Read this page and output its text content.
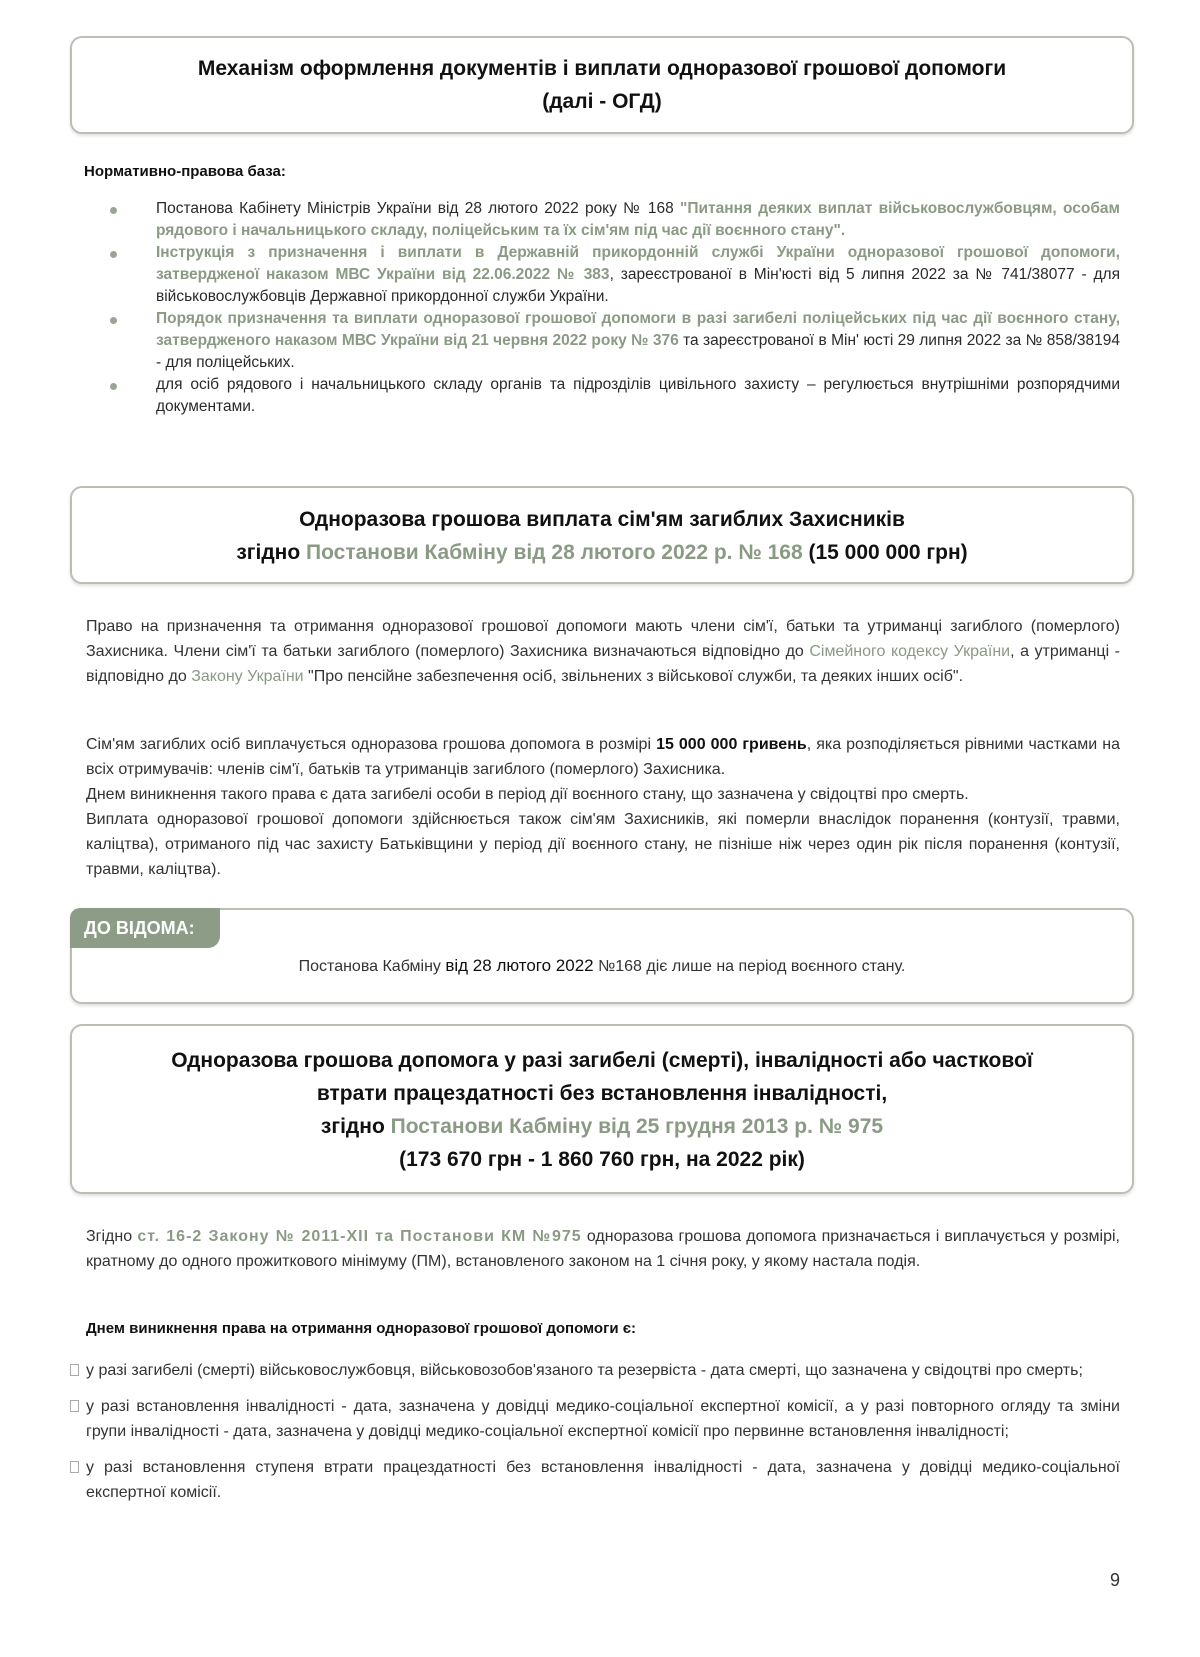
Механізм оформлення документів і виплати одноразової грошової допомоги
(далі - ОГД)
Нормативно-правова база:
Постанова Кабінету Міністрів України від 28 лютого 2022 року № 168 "Питання деяких виплат військовослужбовцям, особам рядового і начальницького складу, поліцейським та їх сім'ям під час дії воєнного стану".
Інструкція з призначення і виплати в Державній прикордонній службі України одноразової грошової допомоги, затвердженої наказом МВС України від 22.06.2022 № 383, зареєстрованої в Мін'юсті від 5 липня 2022 за № 741/38077 - для військовослужбовців Державної прикордонної служби України.
Порядок призначення та виплати одноразової грошової допомоги в разі загибелі поліцейських під час дії воєнного стану, затвердженого наказом МВС України від 21 червня 2022 року № 376 та зареєстрованої в Мін' юсті 29 липня 2022 за № 858/38194 - для поліцейських.
для осіб рядового і начальницького складу органів та підрозділів цивільного захисту – регулюється внутрішніми розпорядчими документами.
Одноразова грошова виплата сім'ям загиблих Захисників
згідно Постанови Кабміну від 28 лютого 2022 р. № 168 (15 000 000 грн)
Право на призначення та отримання одноразової грошової допомоги мають члени сім'ї, батьки та утриманці загиблого (померлого) Захисника. Члени сім'ї та батьки загиблого (померлого) Захисника визначаються відповідно до Сімейного кодексу України, а утриманці - відповідно до Закону України "Про пенсійне забезпечення осіб, звільнених з військової служби, та деяких інших осіб".
Сім'ям загиблих осіб виплачується одноразова грошова допомога в розмірі 15 000 000 гривень, яка розподіляється рівними частками на всіх отримувачів: членів сім'ї, батьків та утриманців загиблого (померлого) Захисника.
Днем виникнення такого права є дата загибелі особи в період дії воєнного стану, що зазначена у свідоцтві про смерть.
Виплата одноразової грошової допомоги здійснюється також сім'ям Захисників, які померли внаслідок поранення (контузії, травми, каліцтва), отриманого під час захисту Батьківщини у період дії воєнного стану, не пізніше ніж через один рік після поранення (контузії, травми, каліцтва).
ДО ВІДОМА:
Постанова Кабміну від 28 лютого 2022 №168 діє лише на період воєнного стану.
Одноразова грошова допомога у разі загибелі (смерті), інвалідності або часткової
втрати працездатності без встановлення інвалідності,
згідно Постанови Кабміну від 25 грудня 2013 р. № 975
(173 670 грн - 1 860 760 грн, на 2022 рік)
Згідно ст. 16-2 Закону № 2011-XII та Постанови КМ №975 одноразова грошова допомога призначається і виплачується у розмірі, кратному до одного прожиткового мінімуму (ПМ), встановленого законом на 1 січня року, у якому настала подія.
Днем виникнення права на отримання одноразової грошової допомоги є:
у разі загибелі (смерті) військовослужбовця, військовозобов'язаного та резервіста - дата смерті, що зазначена у свідоцтві про смерть;
у разі встановлення інвалідності - дата, зазначена у довідці медико-соціальної експертної комісії, а у разі повторного огляду та зміни групи інвалідності - дата, зазначена у довідці медико-соціальної експертної комісії про первинне встановлення інвалідності;
у разі встановлення ступеня втрати працездатності без встановлення інвалідності - дата, зазначена у довідці медико-соціальної експертної комісії.
9
